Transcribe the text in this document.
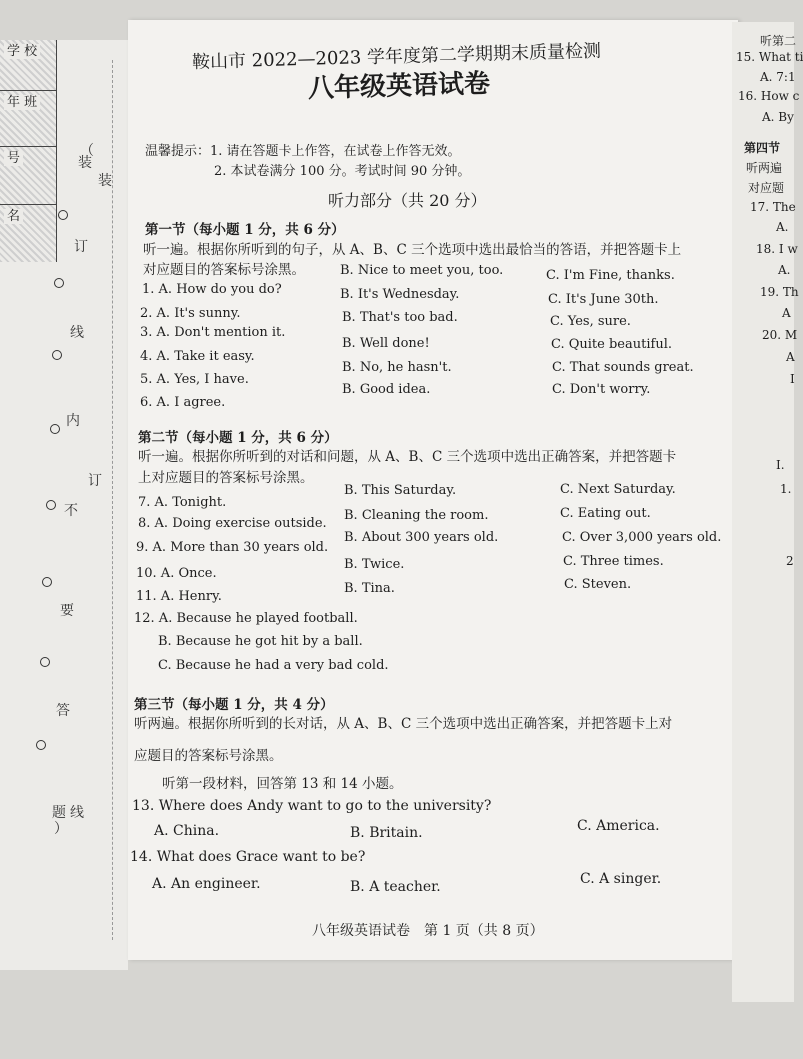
学 校
年 班
号
名
（
装
装
订
线
内
订
不
要
答
题 线
）
鞍山市 2022—2023 学年度第二学期期末质量检测
八年级英语试卷
温馨提示：1. 请在答题卡上作答，在试卷上作答无效。
2. 本试卷满分 100 分。考试时间 90 分钟。
听力部分（共 20 分）
第一节（每小题 1 分，共 6 分）
听一遍。根据你所听到的句子，从 A、B、C 三个选项中选出最恰当的答语，并把答题卡上
对应题目的答案标号涂黑。
1. A. How do you do?
B. Nice to meet you, too.	C. I'm Fine, thanks.
2. A. It's sunny.
B. It's Wednesday.	C. It's June 30th.
3. A. Don't mention it.
B. That's too bad.	C. Yes, sure.
4. A. Take it easy.
B. Well done!	C. Quite beautiful.
5. A. Yes, I have.
B. No, he hasn't.	C. That sounds great.
6. A. I agree.
B. Good idea.	C. Don't worry.
第二节（每小题 1 分，共 6 分）
听一遍。根据你所听到的对话和问题，从 A、B、C 三个选项中选出正确答案，并把答题卡
上对应题目的答案标号涂黑。
7. A. Tonight.
B. This Saturday.	C. Next Saturday.
8. A. Doing exercise outside.
B. Cleaning the room.	C. Eating out.
9. A. More than 30 years old.
B. About 300 years old.	C. Over 3,000 years old.
10. A. Once.
B. Twice.	C. Three times.
11. A. Henry.
B. Tina.	C. Steven.
12. A. Because he played football.
B. Because he got hit by a ball.
C. Because he had a very bad cold.
第三节（每小题 1 分，共 4 分）
听两遍。根据你所听到的长对话，从 A、B、C 三个选项中选出正确答案，并把答题卡上对
应题目的答案标号涂黑。
听第一段材料，回答第 13 和 14 小题。
13. Where does Andy want to go to the university?
A. China.	B. Britain.	C. America.
14. What does Grace want to be?
A. An engineer.	B. A teacher.	C. A singer.
八年级英语试卷　第 1 页（共 8 页）
听第二
15. What ti
A. 7:1
16. How c
A. By
第四节
听两遍
对应题
17. The
A.
18. I w
A.
19. Th
A
20. M
A
I
I.
1.
2
